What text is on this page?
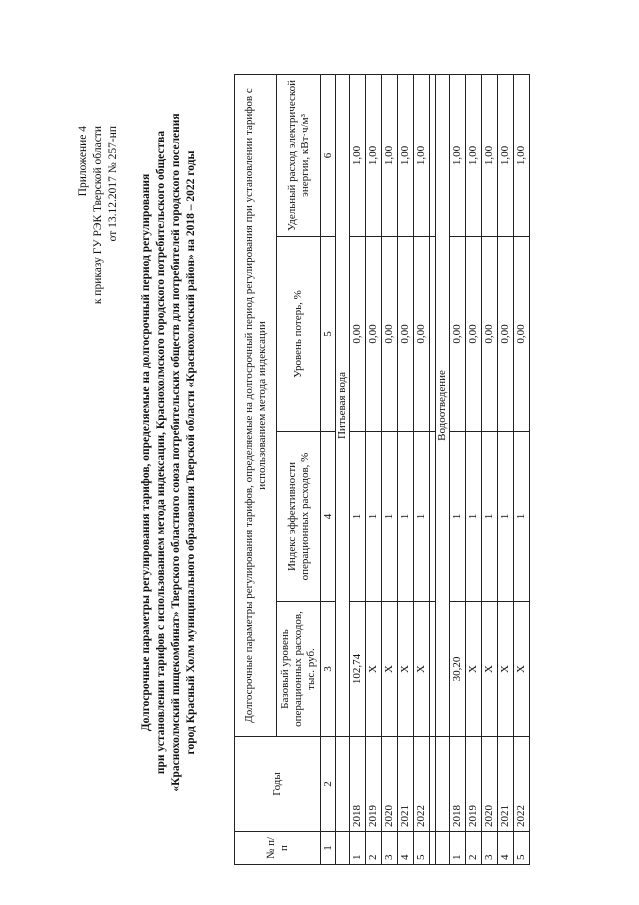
Приложение 4 к приказу ГУ РЭК Тверской области от 13.12.2017 № 257-нп Долгосрочные параметры регулирования тарифов, определяемые на долгосрочный период регулирования при установлении тарифов с использованием метода индексации, Краснохолмского городского потребительского общества «Краснохолмский пищекомбинат» Тверского областного союза потребительских обществ для потребителей городского поселения город Красный Холм муниципального образования Тверской области «Краснохолмский район» на 2018 – 2022 годы
№ п/п	Годы	Долгосрочные параметры регулирования тарифов, определяемые на долгосрочный период регулирования при установлении тарифов с использованием метода индексации			
		Базовый уровень операционных расходов, тыс. руб.	Индекс эффективности операционных расходов, %	Уровень потерь, %	Удельный расход электрической энергии, кВт·ч/м³
1	2	3	4	5	6
		Питьевая вода			
1	2018	102,74	1	0,00	1,00
2	2019	Х	1	0,00	1,00
3	2020	Х	1	0,00	1,00
4	2021	Х	1	0,00	1,00
5	2022	Х	1	0,00	1,00

		Водоотведение			
1	2018	30,20	1	0,00	1,00
2	2019	Х	1	0,00	1,00
3	2020	Х	1	0,00	1,00
4	2021	Х	1	0,00	1,00
5	2022	Х	1	0,00	1,00
